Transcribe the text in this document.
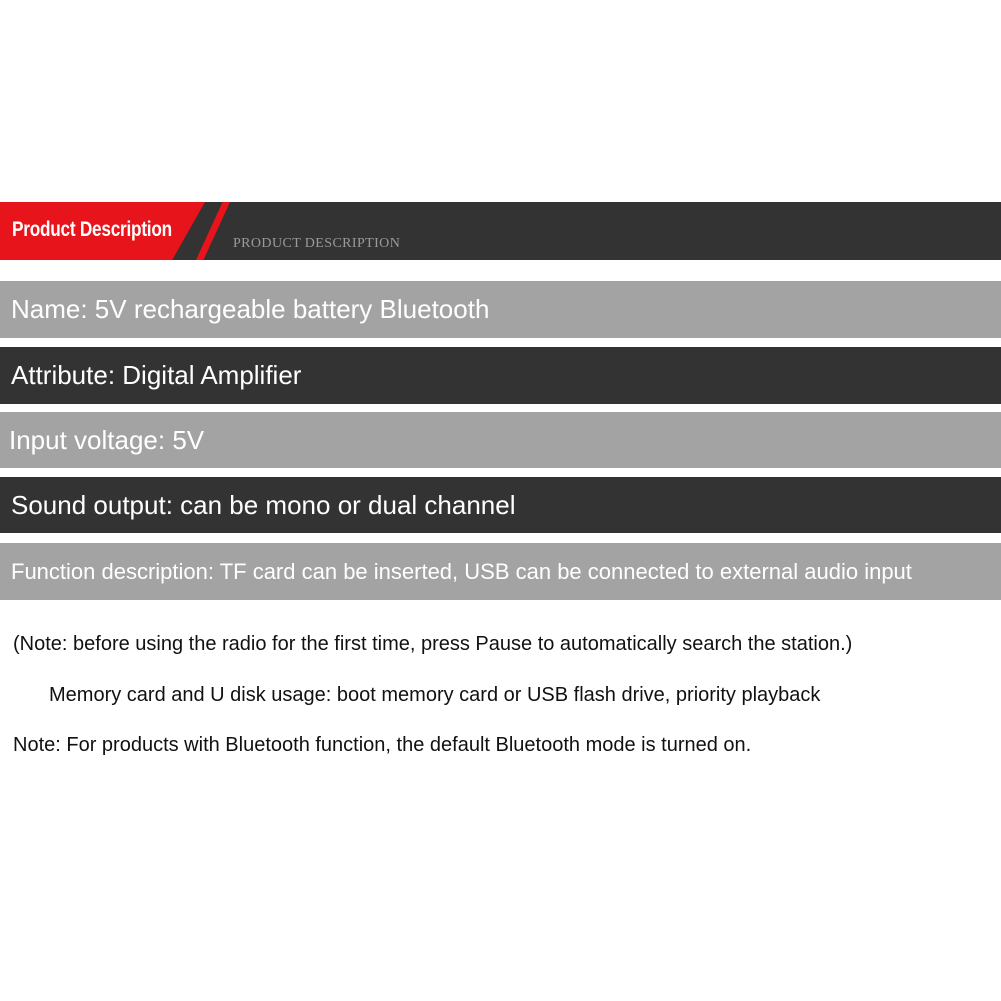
Product Description
PRODUCT DESCRIPTION
Name: 5V rechargeable battery Bluetooth
Attribute: Digital Amplifier
Input voltage: 5V
Sound output: can be mono or dual channel
Function description: TF card can be inserted, USB can be connected to external audio input
(Note: before using the radio for the first time, press Pause to automatically search the station.)
Memory card and U disk usage: boot memory card or USB flash drive, priority playback
Note: For products with Bluetooth function, the default Bluetooth mode is turned on.
